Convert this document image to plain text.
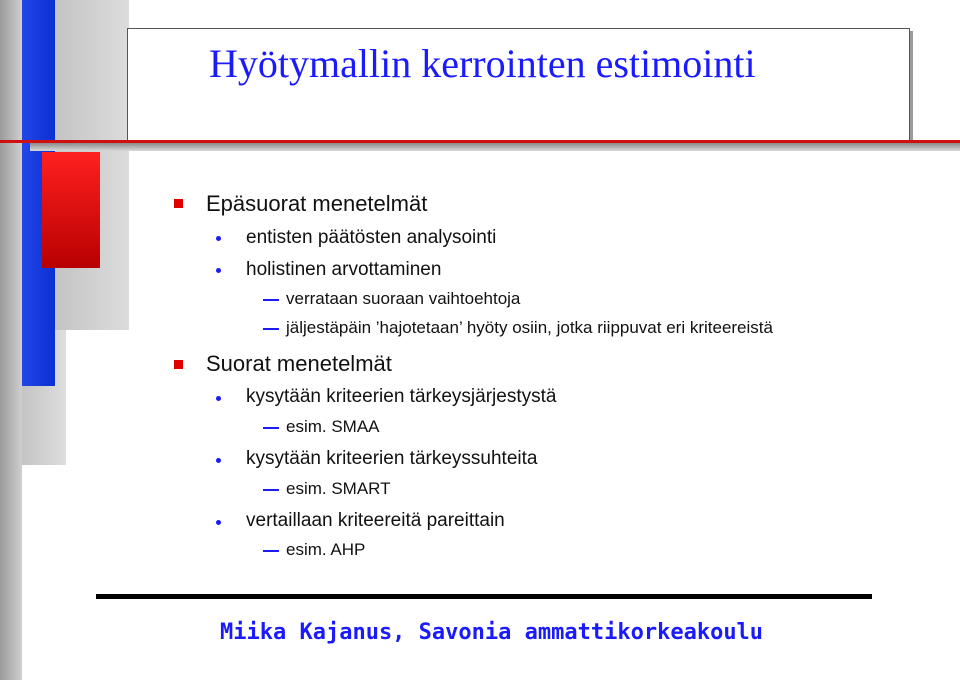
Hyötymallin kerrointen estimointi
Epäsuorat menetelmät
entisten päätösten analysointi
holistinen arvottaminen
verrataan suoraan vaihtoehtoja
jäljestäpäin ’hajotetaan’ hyöty osiin, jotka riippuvat eri kriteereistä
Suorat menetelmät
kysytään kriteerien tärkeysjärjestystä
esim. SMAA
kysytään kriteerien tärkeyssuhteita
esim. SMART
vertaillaan kriteereitä pareittain
esim. AHP
Miika Kajanus, Savonia ammattikorkeakoulu
